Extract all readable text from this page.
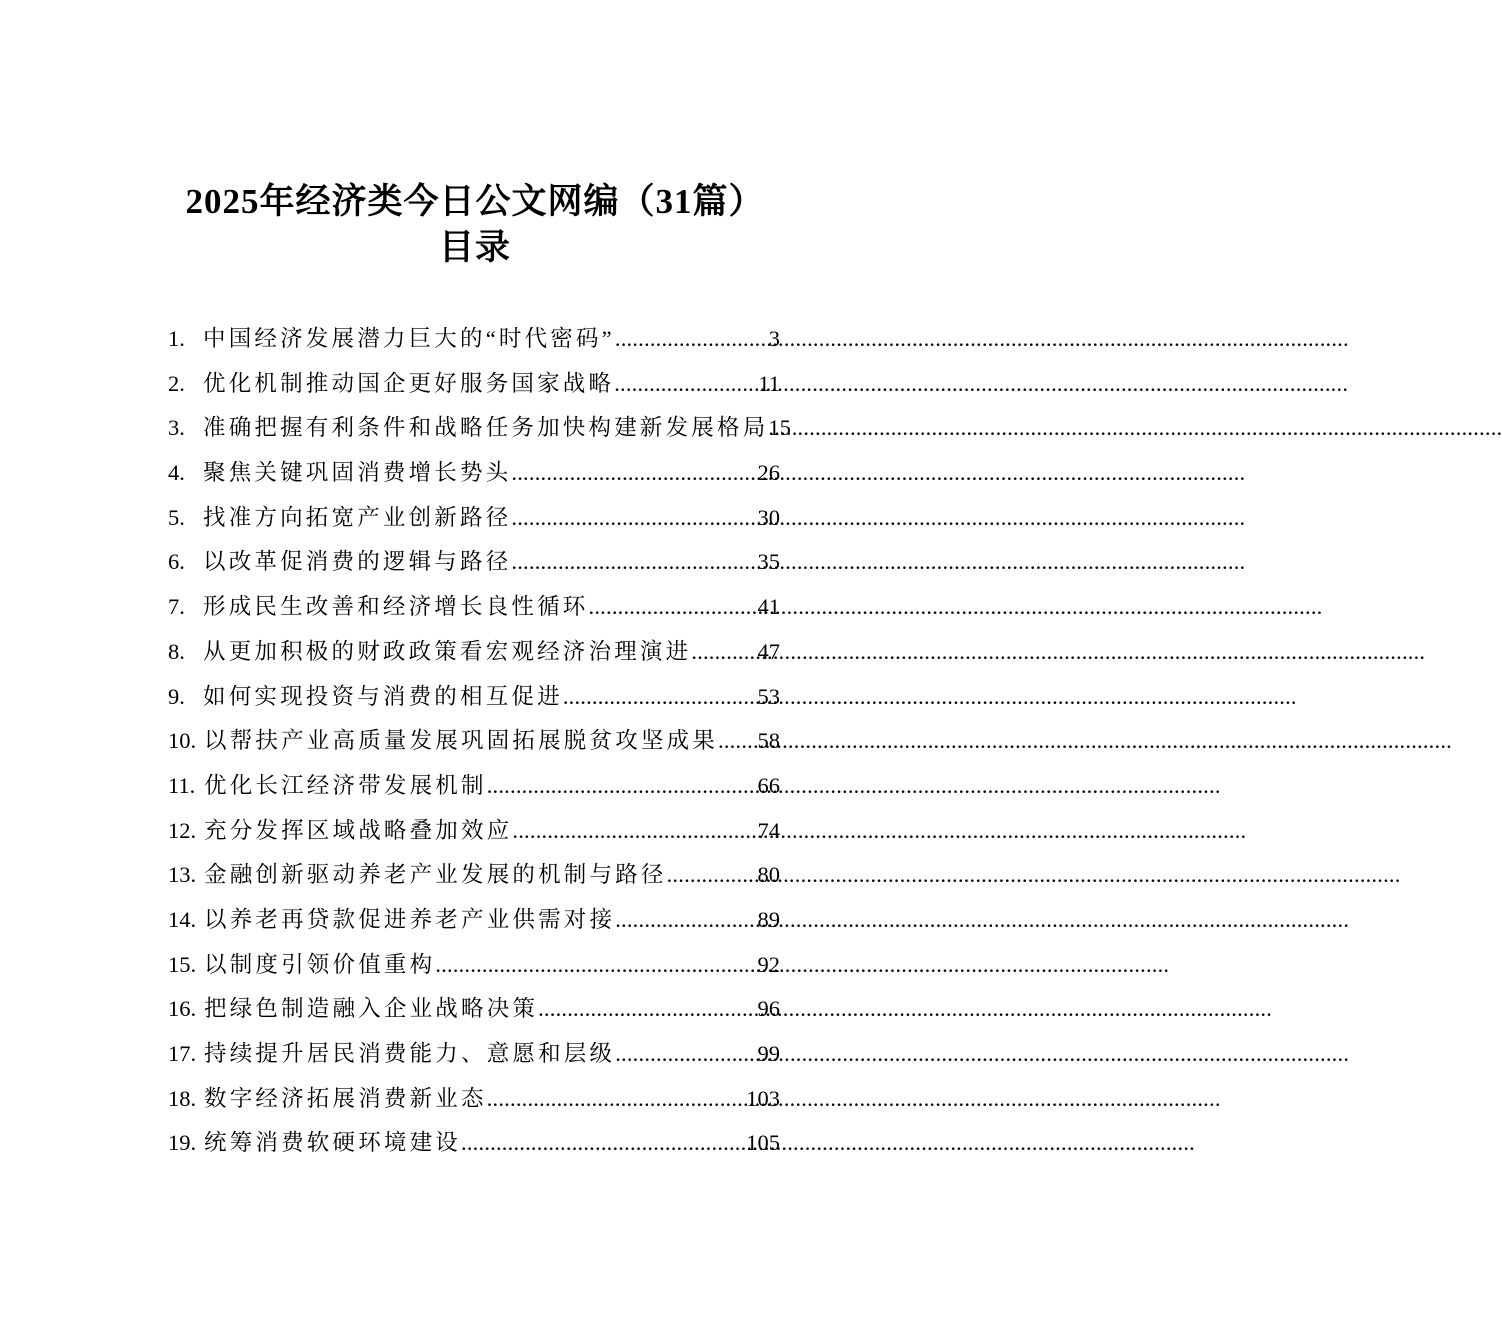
2025年经济类今日公文网编（31篇）
目录
1. 中国经济发展潜力巨大的“时代密码” .....	3
2. 优化机制推动国企更好服务国家战略 .....	11
3. 准确把握有利条件和战略任务加快构建新发展格局 15
4. 聚焦关键巩固消费增长势头 .....	26
5. 找准方向拓宽产业创新路径 .....	30
6. 以改革促消费的逻辑与路径 .....	35
7. 形成民生改善和经济增长良性循环 .....	41
8. 从更加积极的财政政策看宏观经济治理演进 .....	47
9. 如何实现投资与消费的相互促进 .....	53
10. 以帮扶产业高质量发展巩固拓展脱贫攻坚成果 ..... 58
11. 优化长江经济带发展机制 .....	66
12. 充分发挥区域战略叠加效应 .....	74
13. 金融创新驱动养老产业发展的机制与路径 .....	80
14. 以养老再贷款促进养老产业供需对接 .....	89
15. 以制度引领价值重构 .....	92
16. 把绿色制造融入企业战略决策 .....	96
17. 持续提升居民消费能力、意愿和层级 .....	99
18. 数字经济拓展消费新业态 .....	103
19. 统筹消费软硬环境建设 .....	105
